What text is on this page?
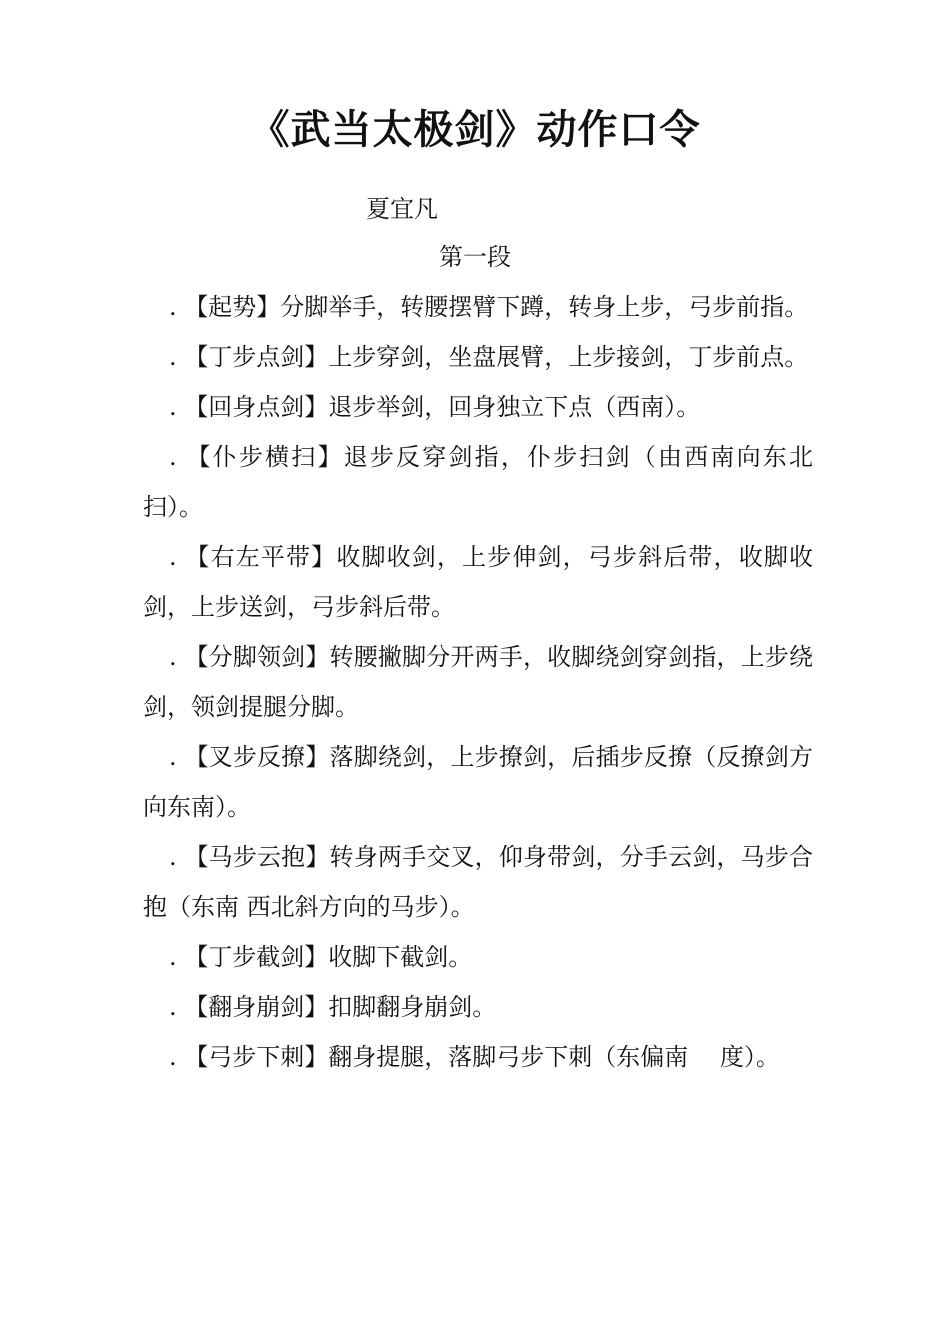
《武当太极剑》动作口令
夏宜凡
第一段
. 【起势】分脚举手，转腰摆臂下蹲，转身上步，弓步前指。
. 【丁步点剑】上步穿剑，坐盘展臂，上步接剑，丁步前点。
. 【回身点剑】退步举剑，回身独立下点（西南）。
. 【仆步横扫】退步反穿剑指，仆步扫剑（由西南向东北扫）。
. 【右左平带】收脚收剑，上步伸剑，弓步斜后带，收脚收剑，上步送剑，弓步斜后带。
. 【分脚领剑】转腰撇脚分开两手，收脚绕剑穿剑指，上步绕剑，领剑提腿分脚。
. 【叉步反撩】落脚绕剑，上步撩剑，后插步反撩（反撩剑方向东南）。
. 【马步云抱】转身两手交叉，仰身带剑，分手云剑，马步合抱（东南 西北斜方向的马步）。
. 【丁步截剑】收脚下截剑。
. 【翻身崩剑】扣脚翻身崩剑。
. 【弓步下刺】翻身提腿，落脚弓步下刺（东偏南　 度）。
